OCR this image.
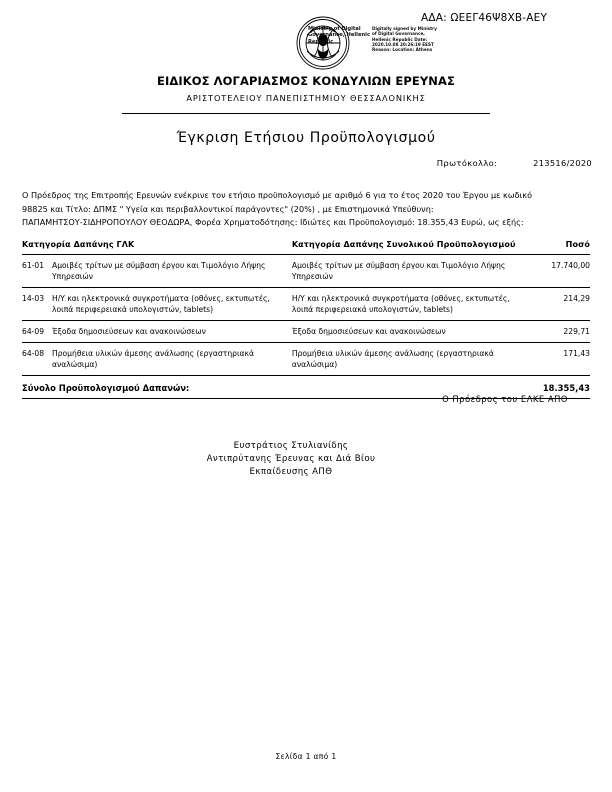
ΑΔΑ: ΩΕΕΓ46Ψ8ΧΒ-ΑΕΥ
Ministry of Digital Governance, Hellenic Republic
Digitally signed by Ministry of Digital Governance, Hellenic Republic Date: 2020.10.08 20:26:19 EEST Reason: Location: Athens
ΕΙΔΙΚΟΣ ΛΟΓΑΡΙΑΣΜΟΣ ΚΟΝΔΥΛΙΩΝ ΕΡΕΥΝΑΣ
ΑΡΙΣΤΟΤΕΛΕΙΟΥ ΠΑΝΕΠΙΣΤΗΜΙΟΥ ΘΕΣΣΑΛΟΝΙΚΗΣ
Έγκριση Ετήσιου Προϋπολογισμού
Πρωτόκολλο:	213516/2020

Ο Πρόεδρος της Επιτροπής Ερευνών ενέκρινε τον ετήσιο προϋπολογισμό με αριθμό 6 για το έτος 2020 του Έργου με κωδικό

98825 και Τίτλο: ΔΠΜΣ " Υγεία και περιβαλλοντικοί παράγοντες" (20%) , με Επιστημονικά Υπεύθυνη:

ΠΑΠΑΜΗΤΣΟΥ-ΣΙΔΗΡΟΠΟΥΛΟΥ ΘΕΟΔΩΡΑ, Φορέα Χρηματοδότησης: Ιδιώτες και Προϋπολογισμό: 18.355,43 Ευρώ, ως εξής:

Κατηγορία Δαπάνης ΓΛΚ	Κατηγορία Δαπάνης Συνολικού Προϋπολογισμού	Ποσό

61-01 Αμοιβές τρίτων με σύμβαση έργου και Τιμολόγιο Λήψης Υπηρεσιών	Αμοιβές τρίτων με σύμβαση έργου και Τιμολόγιο Λήψης Υπηρεσιών	17.740,00

14-03 Η/Υ και ηλεκτρονικά συγκροτήματα (οθόνες, εκτυπωτές, λοιπά περιφερειακά υπολογιστών, tablets)	Η/Υ και ηλεκτρονικά συγκροτήματα (οθόνες, εκτυπωτές, λοιπά περιφερειακά υπολογιστών, tablets)	214,29

64-09 Έξοδα δημοσιεύσεων και ανακοινώσεων	Έξοδα δημοσιεύσεων και ανακοινώσεων	229,71

64-08 Προμήθεια υλικών άμεσης ανάλωσης (εργαστηριακά αναλώσιμα)	Προμήθεια υλικών άμεσης ανάλωσης (εργαστηριακά αναλώσιμα)	171,43
Σύνολο Προϋπολογισμού Δαπανών:		18.355,43
Ο Πρόεδρος του ΕΛΚΕ ΑΠΘ
Ευστράτιος Στυλιανίδης
Αντιπρύτανης Έρευνας και Διά Βίου
Εκπαίδευσης ΑΠΘ
Σελίδα 1 από 1
